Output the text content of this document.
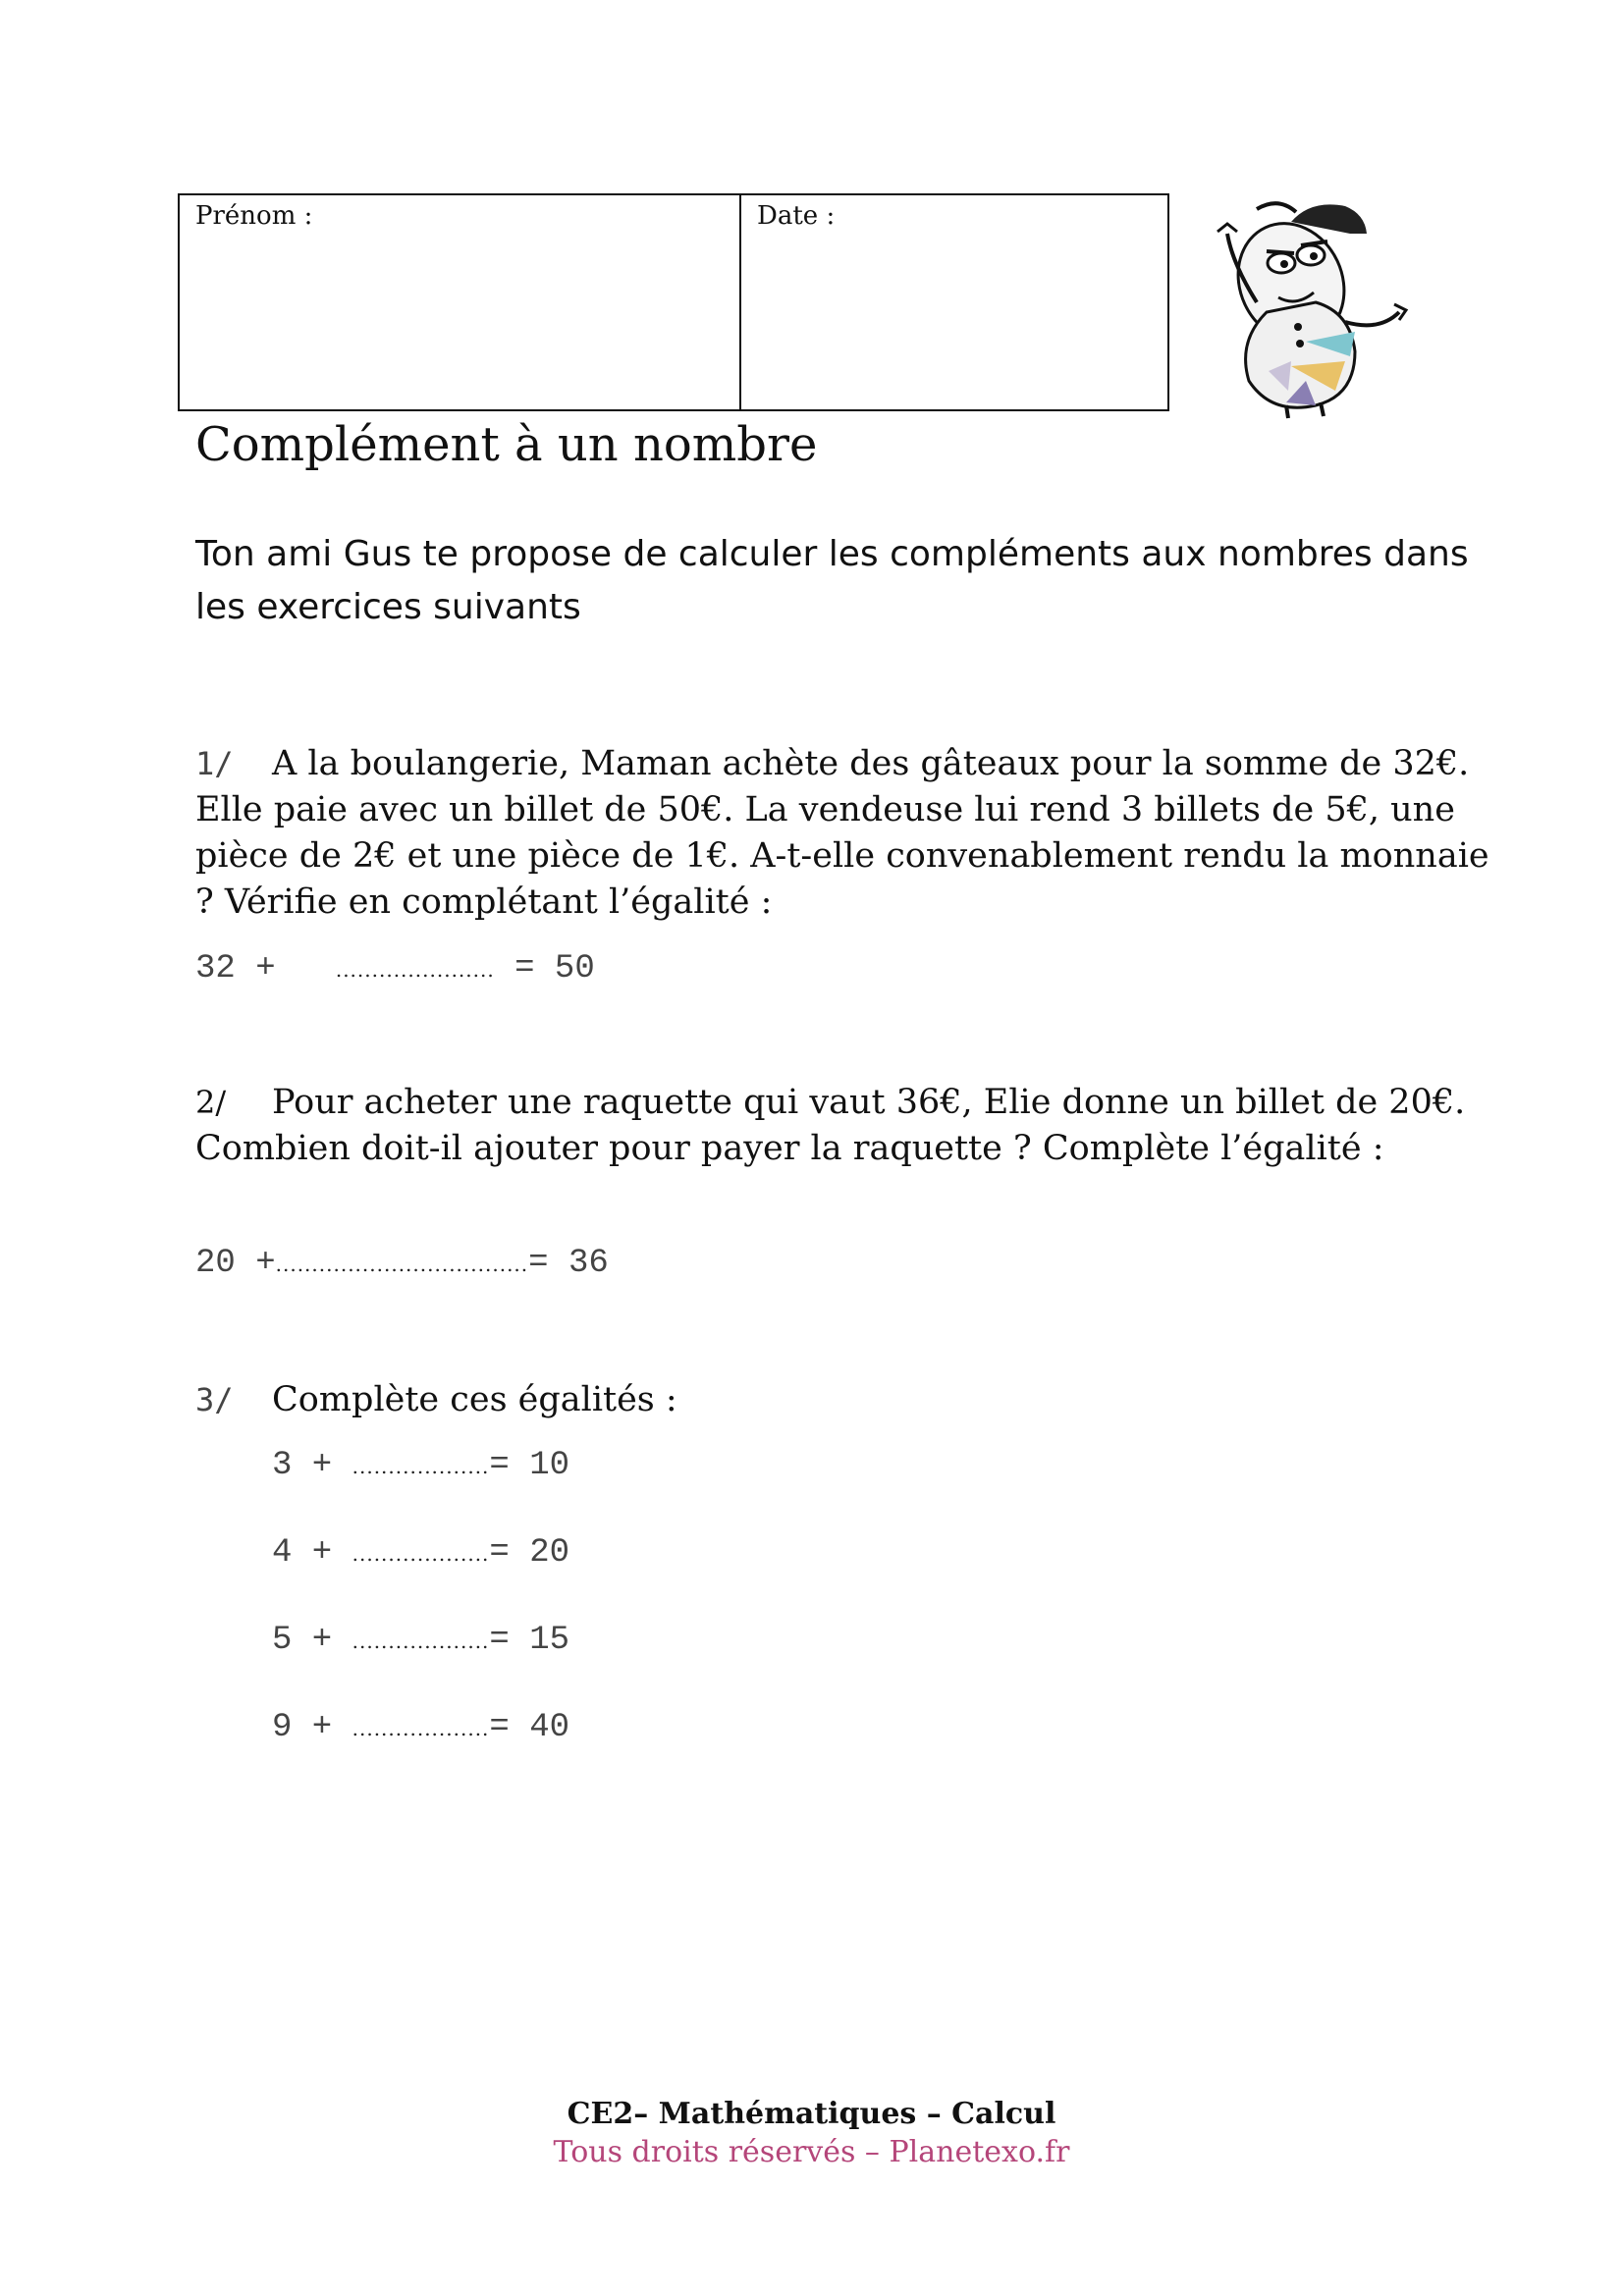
Prénom :	Date :
Complément à un nombre
Ton ami Gus te propose de calculer les compléments aux nombres dans les exercices suivants
1/ A la boulangerie, Maman achète des gâteaux pour la somme de 32€. Elle paie avec un billet de 50€. La vendeuse lui rend 3 billets de 5€, une pièce de 2€ et une pièce de 1€. A-t-elle convenablement rendu la monnaie ? Vérifie en complétant l’égalité :
32 +	...................... = 50
2/ Pour acheter une raquette qui vaut 36€, Elie donne un billet de 20€. Combien doit-il ajouter pour payer la raquette ? Complète l’égalité :
20 +...................................= 36
3/ Complète ces égalités :
3 + ...................= 10
4 + ...................= 20
5 + ...................= 15
9 + ...................= 40
CE2– Mathématiques – Calcul
Tous droits réservés – Planetexo.fr
